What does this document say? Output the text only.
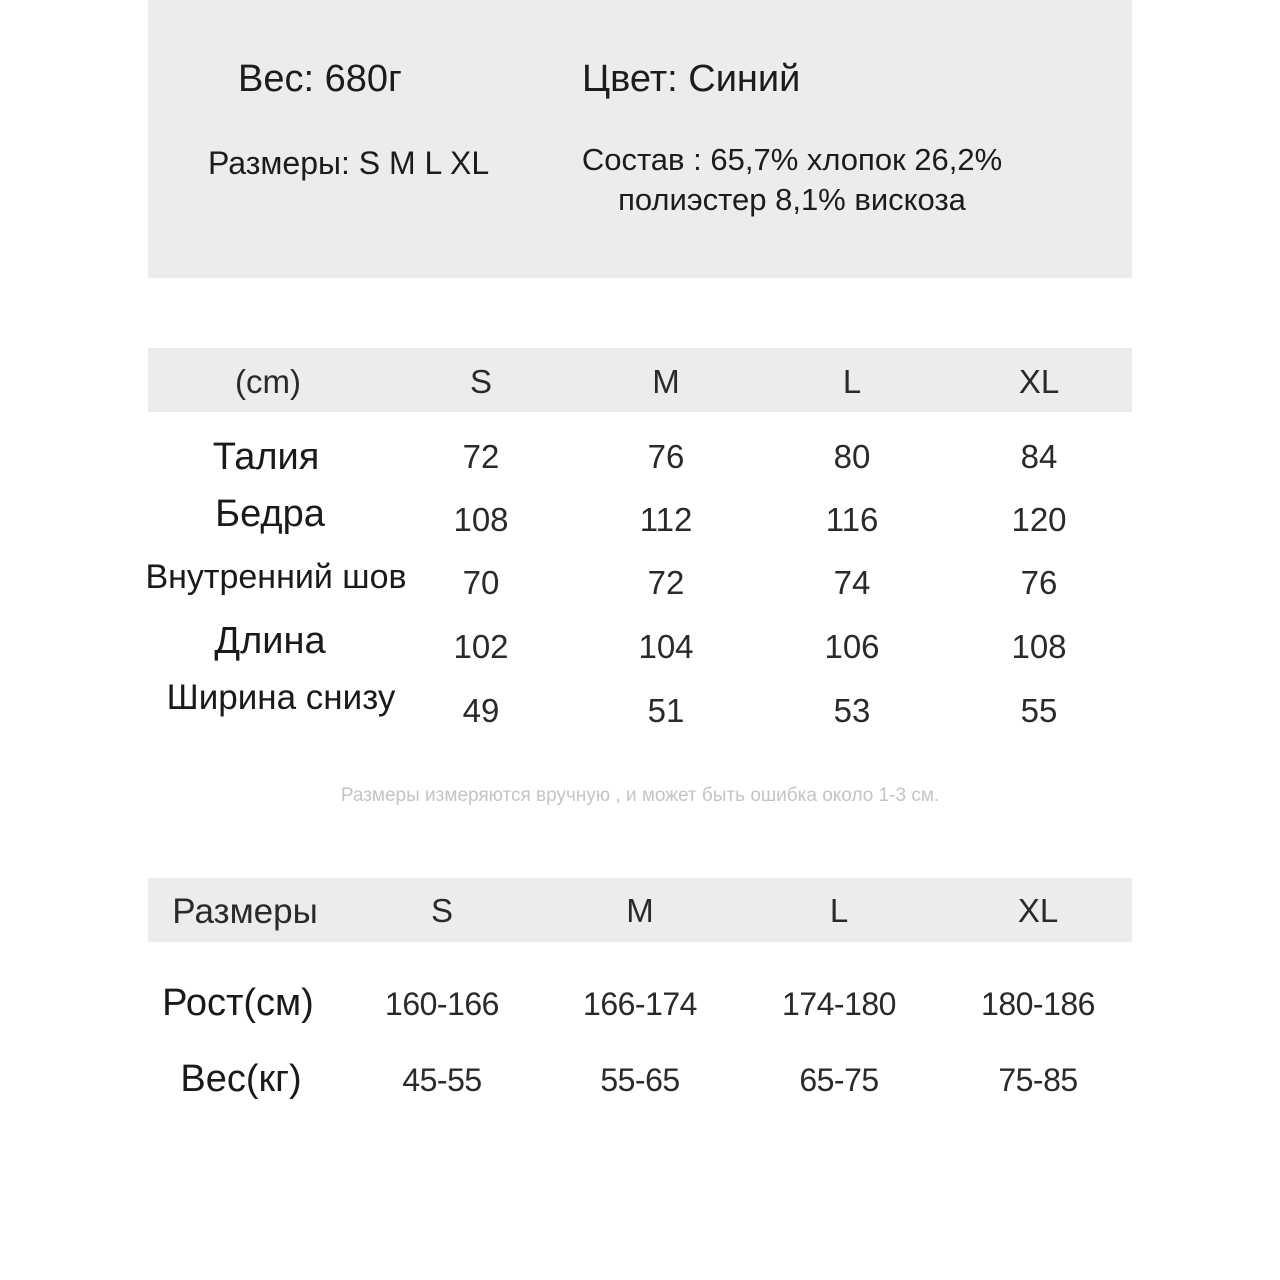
Вес: 680г	Цвет: Синий
Размеры: S M L XL	Состав : 65,7% хлопок 26,2% полиэстер 8,1% вискоза
(cm)	S	M	L	XL
Талия	72	76	80	84
Бедра	108	112	116	120
Внутренний шов 70	72	74	76
Длина	102	104	106	108
Ширина снизу 49	51	53	55
Размеры измеряются вручную , и может быть ошибка около 1-3 см.
Размеры	S	M	L	XL
Рост(см) 160-166	166-174	174-180	180-186
Вес(кг)	45-55	55-65	65-75	75-85
